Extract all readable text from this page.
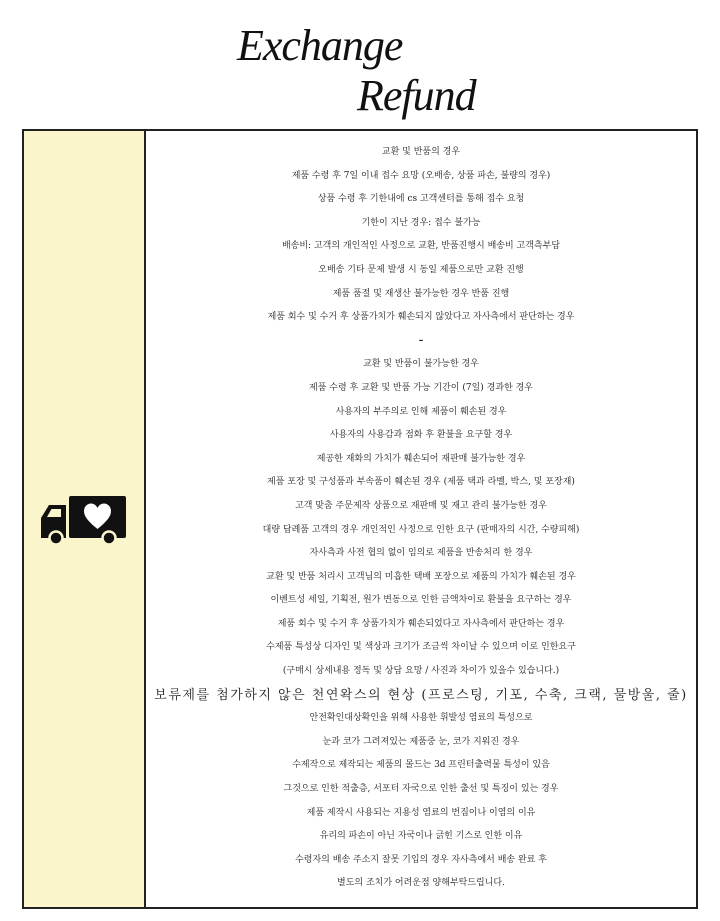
Exchange
Refund
교환 및 반품의 경우
제품 수령 후 7일 이내 접수 요망 (오배송, 상품 파손, 불량의 경우)
상품 수령 후 기한내에 cs 고객센터를 통해 접수 요청
기한이 지난 경우: 접수 불가능
배송비: 고객의 개인적인 사정으로 교환, 반품진행시 배송비 고객측부담
오배송 기타 문제 발생 시 동일 제품으로만 교환 진행
제품 품절 및 재생산 불가능한 경우 반품 진행
제품 회수 및 수거 후 상품가치가 훼손되지 않았다고 자사측에서 판단하는 경우
–
교환 및 반품이 불가능한 경우
제품 수령 후 교환 및 반품 가능 기간이 (7일) 경과한 경우
사용자의 부주의로 인해 제품이 훼손된 경우
사용자의 사용감과 점화 후 환불을 요구할 경우
제공한 재화의 가치가 훼손되어 재판매 불가능한 경우
제품 포장 및 구성품과 부속품이 훼손된 경우 (제품 택과 라벨, 박스, 및 포장재)
고객 맞춤 주문제작 상품으로 재판매 및 재고 관리 불가능한 경우
대량 답례품 고객의 경우 개인적인 사정으로 인한 요구 (판매자의 시간, 수량피해)
자사측과 사전 협의 없이 임의로 제품을 반송처리 한 경우
교환 및 반품 처리시 고객님의 미흡한 택배 포장으로 제품의 가치가 훼손된 경우
이벤트성 세일, 기획전, 원가 변동으로 인한 금액차이로 환불을 요구하는 경우
제품 회수 및 수거 후 상품가치가 훼손되었다고 자사측에서 판단하는 경우
수제품 특성상 디자인 및 색상과 크기가 조금씩 차이날 수 있으며 이로 인한요구
(구매시 상세내용 정독 및 상담 요망 / 사진과 차이가 있을수 있습니다.)
보류제를 첨가하지 않은 천연왁스의 현상 (프로스팅, 기포, 수축, 크랙, 물방울, 줄)
안전확인대상확인을 위해 사용한 휘발성 염료의 특성으로
눈과 코가 그려져있는 제품중 눈, 코가 지워진 경우
수제작으로 제작되는 제품의 몰드는 3d 프린터출력물 특성이 있음
그것으로 인한 적출층, 서포터 자국으로 인한 출선 및 특징이 있는 경우
제품 제작시 사용되는 지용성 염료의 번짐이나 이염의 이유
유리의 파손이 아닌 자국이나 긁힌 기스로 인한 이유
수령자의 배송 주소지 잘못 기입의 경우 자사측에서 배송 완료 후
별도의 조치가 어려운점 양해부탁드립니다.
